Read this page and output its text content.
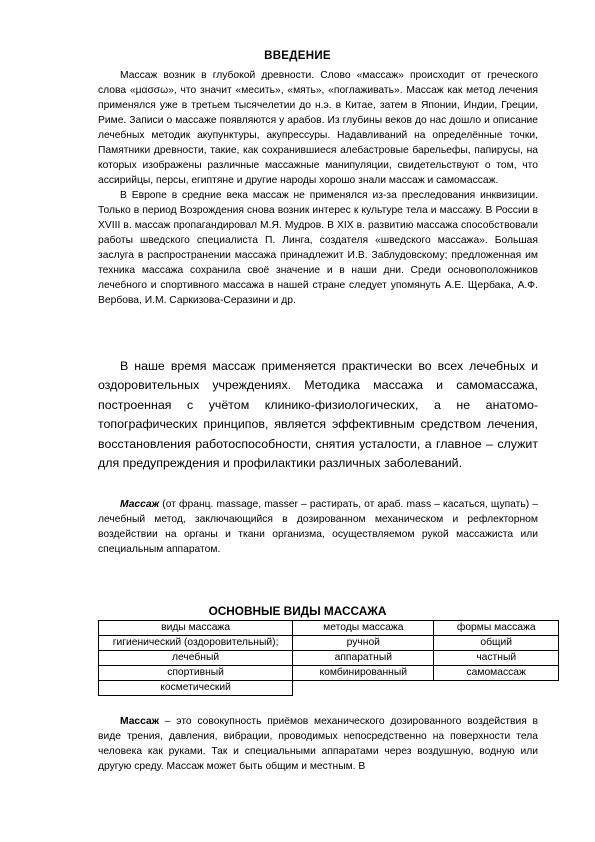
ВВЕДЕНИЕ

Массаж возник в глубокой древности. Слово «массаж» происходит от греческого слова «μασσω», что значит «месить», «мять», «поглаживать». Массаж как метод лечения применялся уже в третьем тысячелетии до н.э. в Китае, затем в Японии, Индии, Греции, Риме. Записи о массаже появляются у арабов. Из глубины веков до нас дошло и описание лечебных методик акупунктуры, акупрессуры. Надавливаний на определённые точки, Памятники древности, такие, как сохранившиеся алебастровые барельефы, папирусы, на которых изображены различные массажные манипуляции, свидетельствуют о том, что ассирийцы, персы, египтяне и другие народы хорошо знали массаж и самомассаж.

В Европе в средние века массаж не применялся из-за преследования инквизиции. Только в период Возрождения снова возник интерес к культуре тела и массажу. В России в XVIII в. массаж пропагандировал М.Я. Мудров. В XIX в. развитию массажа способствовали работы шведского специалиста П. Линга, создателя «шведского массажа». Большая заслуга в распространении массажа принадлежит И.В. Заблудовскому; предложенная им техника массажа сохранила своё значение и в наши дни. Среди основоположников лечебного и спортивного массажа в нашей стране следует упомянуть А.Е. Щербака, А.Ф. Вербова, И.М. Саркизова-Серазини и др.

В наше время массаж применяется практически во всех лечебных и оздоровительных учреждениях. Методика массажа и самомассажа, построенная с учётом клинико-физиологических, а не анатомо-топографических принципов, является эффективным средством лечения, восстановления работоспособности, снятия усталости, а главное – служит для предупреждения и профилактики различных заболеваний.

Массаж (от франц. massage, masser – растирать, от араб. mass – касаться, щупать) – лечебный метод, заключающийся в дозированном механическом и рефлекторном воздействии на органы и ткани организма, осуществляемом рукой массажиста или специальным аппаратом.

ОСНОВНЫЕ ВИДЫ МАССАЖА
виды массажа	методы массажа	формы массажа
гигиенический (оздоровительный);	ручной	общий
лечебный	аппаратный	частный
спортивный	комбинированный	самомассаж
косметический		

Массаж – это совокупность приёмов механического дозированного воздействия в виде трения, давления, вибрации, проводимых непосредственно на поверхности тела человека как руками. Так и специальными аппаратами через воздушную, водную или другую среду. Массаж может быть общим и местным. В
